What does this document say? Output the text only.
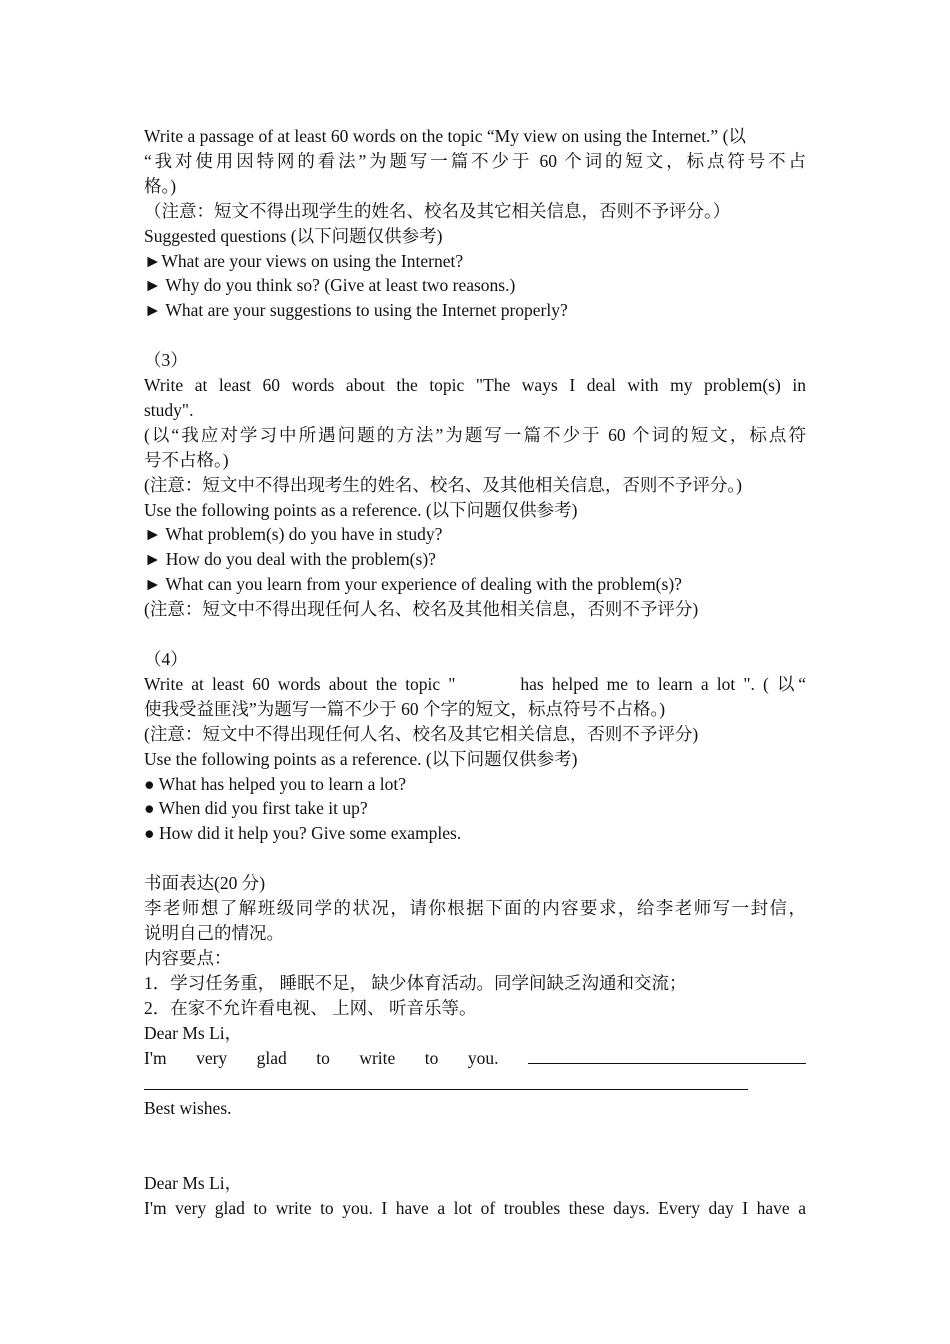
Write a passage of at least 60 words on the topic “My view on using the Internet.” (以
“我对使用因特网的看法”为题写一篇不少于 60 个词的短文，标点符号不占
格。)
（注意：短文不得出现学生的姓名、校名及其它相关信息，否则不予评分。）
Suggested questions (以下问题仅供参考)
►What are your views on using the Internet?
► Why do you think so? (Give at least two reasons.)
► What are your suggestions to using the Internet properly?
（3）
Write at least 60 words about the topic "The ways I deal with my problem(s) in
study".
(以“我应对学习中所遇问题的方法”为题写一篇不少于 60 个词的短文，标点符
号不占格。)
(注意：短文中不得出现考生的姓名、校名、及其他相关信息，否则不予评分。)
Use the following points as a reference. (以下问题仅供参考)
► What problem(s) do you have in study?
► How do you deal with the problem(s)?
► What can you learn from your experience of dealing with the problem(s)?
(注意：短文中不得出现任何人名、校名及其他相关信息，否则不予评分)
（4）
Write at least 60 words about the topic "        has helped me to learn a lot ". ( 以“
使我受益匪浅”为题写一篇不少于 60 个字的短文，标点符号不占格。)
(注意：短文中不得出现任何人名、校名及其它相关信息，否则不予评分)
Use the following points as a reference. (以下问题仅供参考)
● What has helped you to learn a lot?
● When did you first take it up?
● How did it help you? Give some examples.
书面表达(20 分)
李老师想了解班级同学的状况，请你根据下面的内容要求，给李老师写一封信，
说明自己的情况。
内容要点：
1．学习任务重， 睡眠不足， 缺少体育活动。同学间缺乏沟通和交流；
2．在家不允许看电视、 上网、 听音乐等。
Dear Ms Li，
I'm very glad to write to you.
Best wishes.
Dear Ms Li，
I'm very glad to write to you. I have a lot of troubles these days. Every day I have a
